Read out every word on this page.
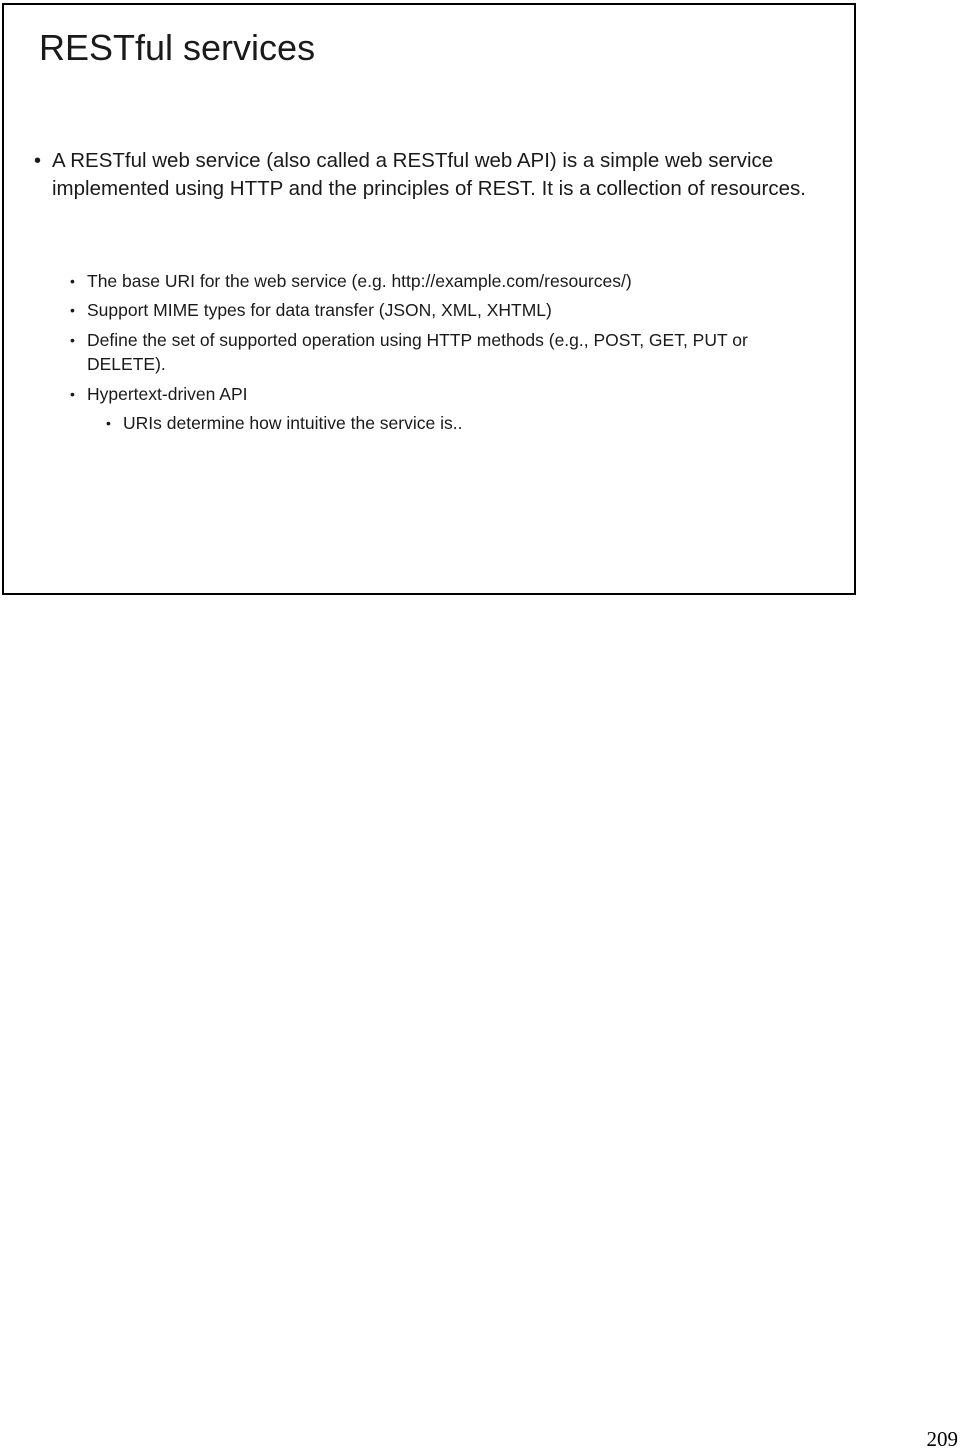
RESTful services
• A RESTful web service (also called a RESTful web API) is a simple web service implemented using HTTP and the principles of REST. It is a collection of resources.
• The base URI for the web service (e.g. http://example.com/resources/)
• Support MIME types for data transfer (JSON, XML, XHTML)
• Define the set of supported operation using HTTP methods (e.g., POST, GET, PUT or DELETE).
• Hypertext-driven API
• URIs determine how intuitive the service is..

209
